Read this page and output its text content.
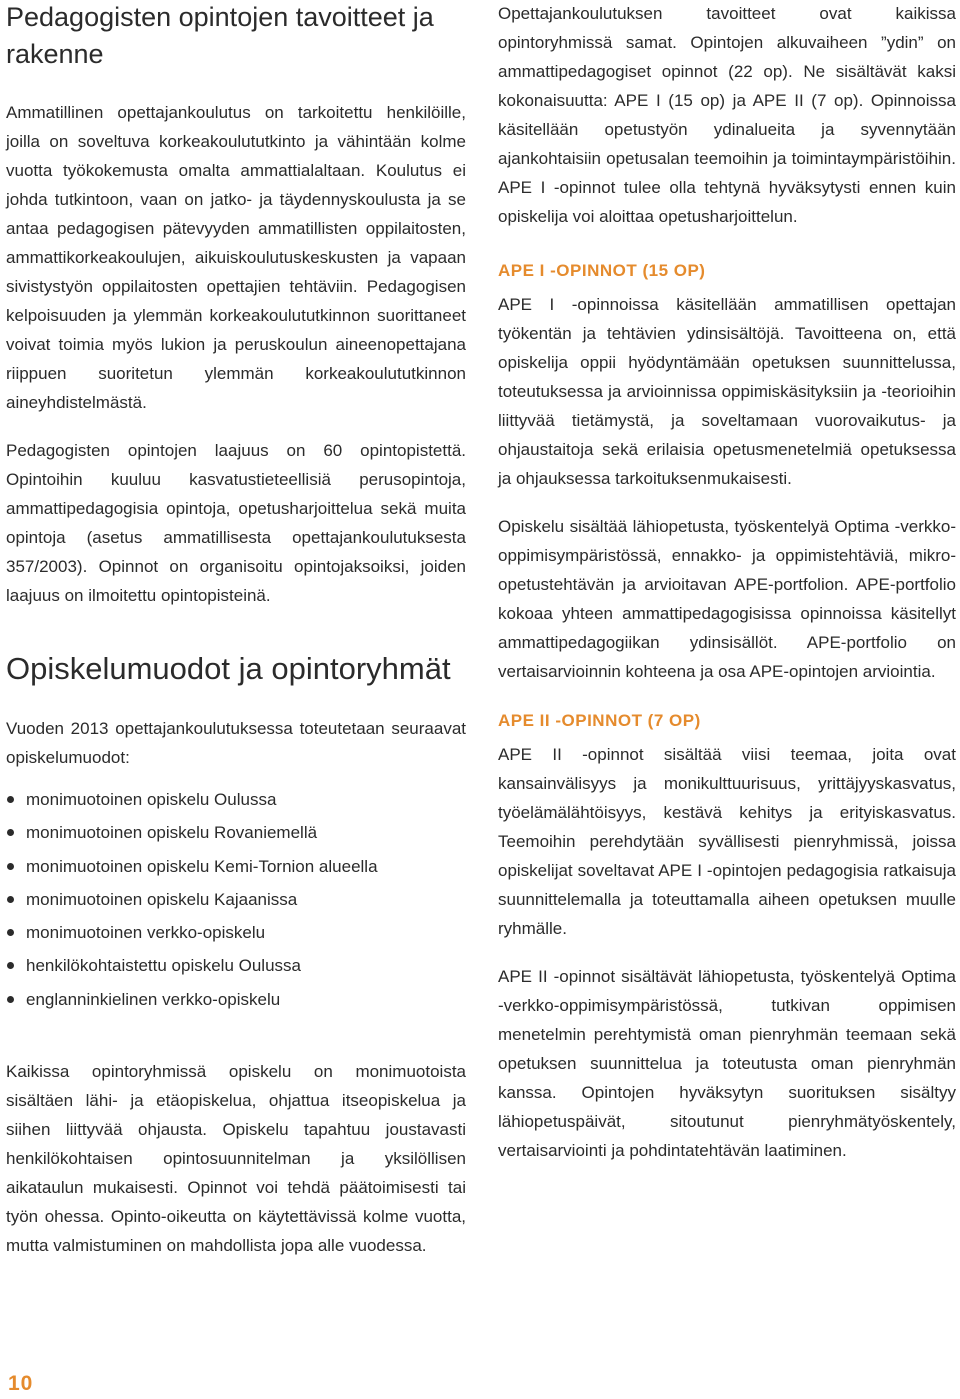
Pedagogisten opintojen tavoitteet ja rakenne

Ammatillinen opettajankoulutus on tarkoitettu henkilöille, joilla on soveltuva korkeakoulututkinto ja vähintään kolme vuotta työkokemusta omalta ammattialaltaan. Koulutus ei johda tutkintoon, vaan on jatko- ja täydennyskoulusta ja se antaa pedagogisen pätevyyden ammatillisten oppilaitosten, ammattikorkeakoulujen, aikuiskoulutuskeskusten ja vapaan sivistystyön oppilaitosten opettajien tehtäviin. Pedagogisen kelpoisuuden ja ylemmän korkeakoulututkinnon suorittaneet voivat toimia myös lukion ja peruskoulun aineenopettajana riippuen suoritetun ylemmän korkeakoulututkinnon aineyhdistelmästä.

Pedagogisten opintojen laajuus on 60 opintopistettä. Opintoihin kuuluu kasvatustieteellisiä perusopintoja, ammattipedagogisia opintoja, opetusharjoittelua sekä muita opintoja (asetus ammatillisesta opettajankoulutuksesta 357/2003). Opinnot on organisoitu opintojaksoiksi, joiden laajuus on ilmoitettu opintopisteinä.

Opiskelumuodot ja opintoryhmät

Vuoden 2013 opettajankoulutuksessa toteutetaan seuraavat opiskelumuodot:

monimuotoinen opiskelu Oulussa
monimuotoinen opiskelu Rovaniemellä
monimuotoinen opiskelu Kemi-Tornion alueella
monimuotoinen opiskelu Kajaanissa
monimuotoinen verkko-opiskelu
henkilökohtaistettu opiskelu Oulussa
englanninkielinen verkko-opiskelu

Kaikissa opintoryhmissä opiskelu on monimuotoista sisältäen lähi- ja etäopiskelua, ohjattua itseopiskelua ja siihen liittyvää ohjausta. Opiskelu tapahtuu joustavasti henkilökohtaisen opintosuunnitelman ja yksilöllisen aikataulun mukaisesti. Opinnot voi tehdä päätoimisesti tai työn ohessa. Opinto-oikeutta on käytettävissä kolme vuotta, mutta valmistuminen on mahdollista jopa alle vuodessa.

Opettajankoulutuksen tavoitteet ovat kaikissa opintoryhmissä samat. Opintojen alkuvaiheen ”ydin” on ammattipedagogiset opinnot (22 op). Ne sisältävät kaksi kokonaisuutta: APE I (15 op) ja APE II (7 op). Opinnoissa käsitellään opetustyön ydinalueita ja syvennytään ajankohtaisiin opetusalan teemoihin ja toimintaympäristöihin. APE I -opinnot tulee olla tehtynä hyväksytysti ennen kuin opiskelija voi aloittaa opetusharjoittelun.

APE I -OPINNOT (15 OP)

APE I -opinnoissa käsitellään ammatillisen opettajan työkentän ja tehtävien ydinsisältöjä. Tavoitteena on, että opiskelija oppii hyödyntämään opetuksen suunnittelussa, toteutuksessa ja arvioinnissa oppimiskäsityksiin ja -teorioihin liittyvää tietämystä, ja soveltamaan vuorovaikutus- ja ohjaustaitoja sekä erilaisia opetusmenetelmiä opetuksessa ja ohjauksessa tarkoituksenmukaisesti.

Opiskelu sisältää lähiopetusta, työskentelyä Optima -verkko-oppimisympäristössä, ennakko- ja oppimistehtäviä, mikro-opetustehtävän ja arvioitavan APE-portfolion. APE-portfolio kokoaa yhteen ammattipedagogisissa opinnoissa käsitellyt ammattipedagogiikan ydinsisällöt. APE-portfolio on vertaisarvioinnin kohteena ja osa APE-opintojen arviointia.

APE II -OPINNOT (7 OP)

APE II -opinnot sisältää viisi teemaa, joita ovat kansainvälisyys ja monikulttuurisuus, yrittäjyyskasvatus, työelämälähtöisyys, kestävä kehitys ja erityiskasvatus. Teemoihin perehdytään syvällisesti pienryhmissä, joissa opiskelijat soveltavat APE I -opintojen pedagogisia ratkaisuja suunnittelemalla ja toteuttamalla aiheen opetuksen muulle ryhmälle.

APE II -opinnot sisältävät lähiopetusta, työskentelyä Optima -verkko-oppimisympäristössä, tutkivan oppimisen menetelmin perehtymistä oman pienryhmän teemaan sekä opetuksen suunnittelua ja toteutusta oman pienryhmän kanssa. Opintojen hyväksytyn suorituksen sisältyy lähiopetuspäivät, sitoutunut pienryhmätyöskentely, vertaisarviointi ja pohdintatehtävän laatiminen.

10
